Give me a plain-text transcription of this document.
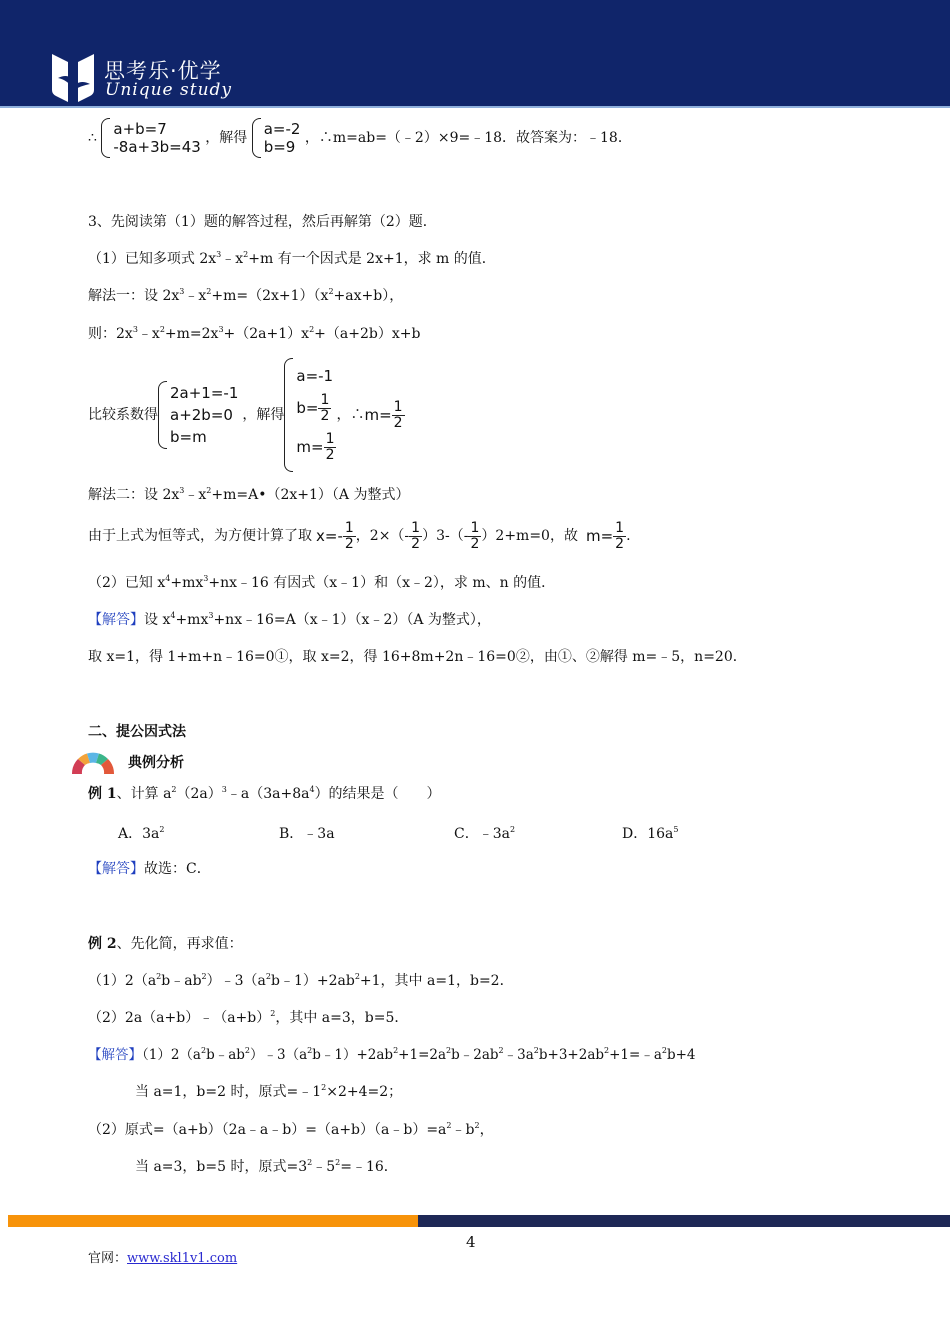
思考乐·优学
Unique study
∴ a+b=7
-8a+3b=43 ，解得 a=-2
b=9 ，∴m=ab=（﹣2）×9=﹣18．故答案为：﹣18．
3、先阅读第（1）题的解答过程，然后再解第（2）题．
（1）已知多项式 $2x^3﹣x^2+m$ 有一个因式是 2x+1，求 m 的值．
解法一：设 $2x^3﹣x^2+m=(2x+1)(x^2+ax+b)$，
则：$2x^3﹣x^2+m=2x^3+(2a+1)x^2+(a+2b)x+b$
比较系数得
2a+1=-1
a+2b=0
b=m
，解得
a=-1
$b= \frac{1}{2}$
$m= \frac{1}{2}$
，∴ $m= \frac{1}{2}$
解法二：设 $2x^3﹣x^2+m=A•(2x+1)(A$ 为整式）
由于上式为恒等式，为方便计算了取 $x=- \frac{1}{2}$ ，$2\times(- \frac{1}{2} )3$ -（- $\frac{1}{2} )2 +m=0$，故 $m= \frac{1}{2}$ .
（2）已知 $x^4+mx^3+nx﹣16$ 有因式（x﹣1）和（x﹣2），求 m、n 的值．
【解答】设 $x^4+mx^3+nx﹣16=A(x﹣1)(x﹣2)(A$ 为整式），
取 x=1，得 1+m+n﹣16=0①，取 x=2，得 16+8m+2n﹣16=0②，由①、②解得 m=﹣5，n=20．
二、提公因式法
典例分析
例 1、计算 $a^2(2a)^3﹣a(3a+8a^4)$的结果是（　　）
A．$3a^2$	B．﹣3a	C．$﹣3a^2$	D．$16a^5$
【解答】故选：C．
例 2、先化简，再求值：
$(1)2(a^2b﹣ab^2)﹣3(a^2b﹣1)+2ab^2+1$，其中 a=1，b=2．
$(2)2a(a+b)﹣(a+b)^2$，其中 a=3，b=5．
【解答】$(1)2(a^2b﹣ab^2)﹣3(a^2b﹣1)+2ab^2+1=2a^2b﹣2ab^2﹣3a^2b+3+2ab^2+1=﹣a^2b+4$
当 a=1，b=2 时，原式$=﹣1^2\times 2+4=2$；
（2）原式$=(a+b)(2a﹣a﹣b)=(a+b)(a﹣b)=a^2﹣b^2$，
当 a=3，b=5 时，原式$=3^2﹣5^2=﹣16$．
4
官网：www.skl1v1.com
